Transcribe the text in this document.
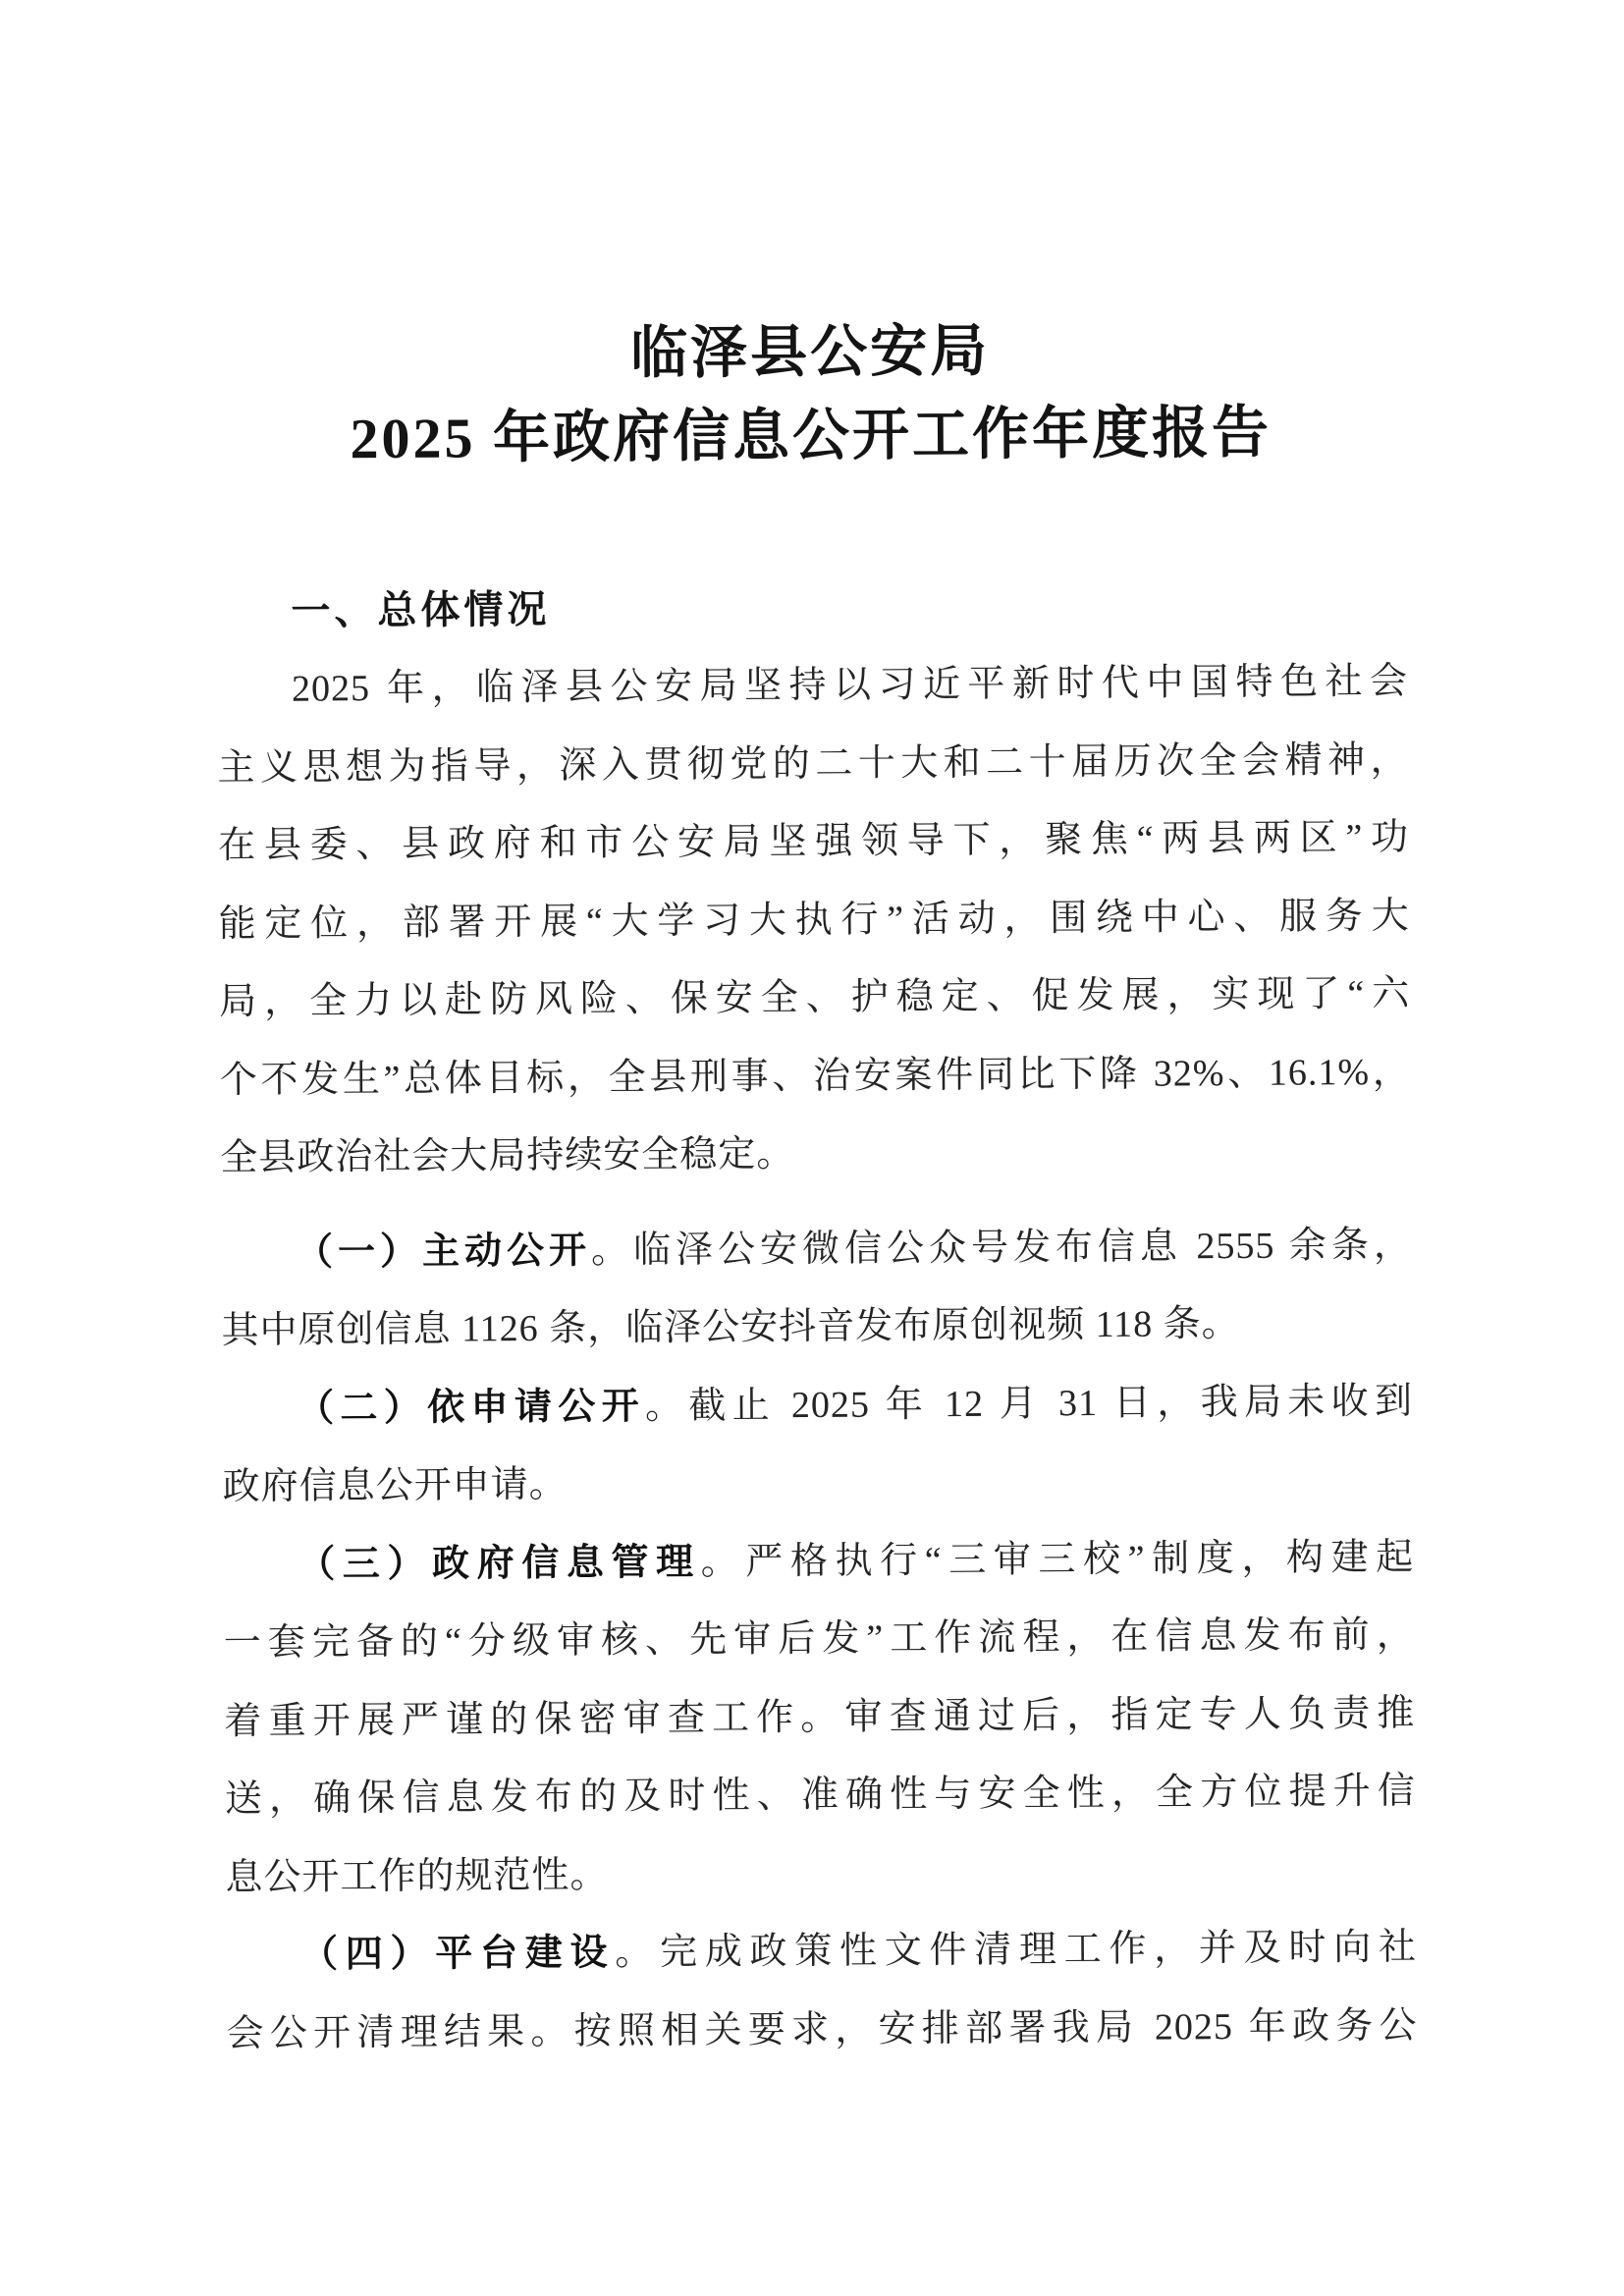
临泽县公安局
2025 年政府信息公开工作年度报告
一、总体情况
2025 年，临泽县公安局坚持以习近平新时代中国特色社会
主义思想为指导，深入贯彻党的二十大和二十届历次全会精神，
在县委、县政府和市公安局坚强领导下，聚焦“两县两区”功
能定位，部署开展“大学习大执行”活动，围绕中心、服务大
局，全力以赴防风险、保安全、护稳定、促发展，实现了“六
个不发生”总体目标，全县刑事、治安案件同比下降 32%、16.1%，
全县政治社会大局持续安全稳定。
（一）主动公开。临泽公安微信公众号发布信息 2555 余条，
其中原创信息 1126 条，临泽公安抖音发布原创视频 118 条。
（二）依申请公开。截止 2025 年 12 月 31 日，我局未收到
政府信息公开申请。
（三）政府信息管理。严格执行“三审三校”制度，构建起
一套完备的“分级审核、先审后发”工作流程，在信息发布前，
着重开展严谨的保密审查工作。审查通过后，指定专人负责推
送，确保信息发布的及时性、准确性与安全性，全方位提升信
息公开工作的规范性。
（四）平台建设。完成政策性文件清理工作，并及时向社
会公开清理结果。按照相关要求，安排部署我局 2025 年政务公
